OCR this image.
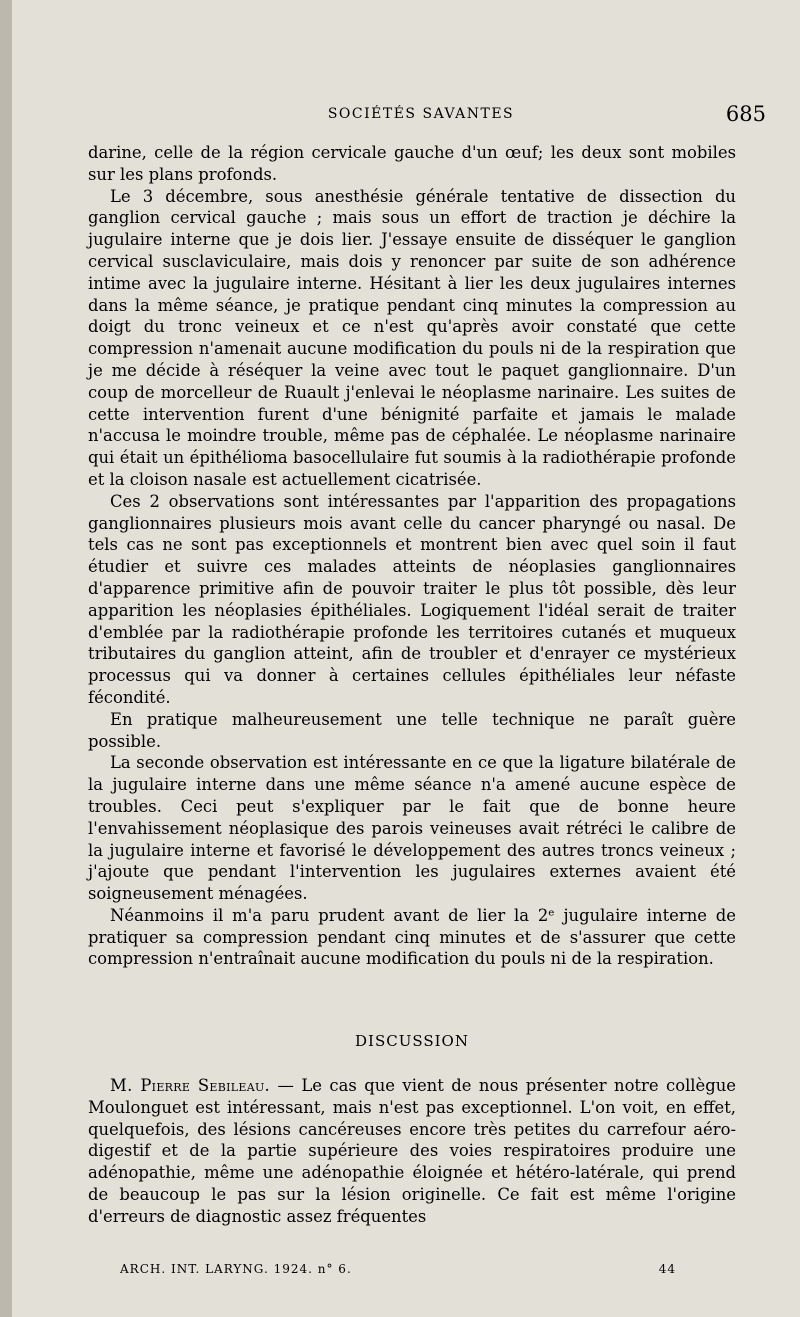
SOCIÉTÉS SAVANTES	685

darine, celle de la région cervicale gauche d'un œuf; les deux sont mobiles sur les plans profonds.

Le 3 décembre, sous anesthésie générale tentative de dissection du ganglion cervical gauche ; mais sous un effort de traction je déchire la jugulaire interne que je dois lier. J'essaye ensuite de disséquer le ganglion cervical susclaviculaire, mais dois y renoncer par suite de son adhérence intime avec la jugulaire interne. Hésitant à lier les deux jugulaires internes dans la même séance, je pratique pendant cinq minutes la compression au doigt du tronc veineux et ce n'est qu'après avoir constaté que cette compression n'amenait aucune modification du pouls ni de la respiration que je me décide à réséquer la veine avec tout le paquet ganglionnaire. D'un coup de morcelleur de Ruault j'enlevai le néoplasme narinaire. Les suites de cette intervention furent d'une bénignité parfaite et jamais le malade n'accusa le moindre trouble, même pas de céphalée. Le néoplasme narinaire qui était un épithélioma basocellulaire fut soumis à la radiothérapie profonde et la cloison nasale est actuellement cicatrisée.

Ces 2 observations sont intéressantes par l'apparition des propagations ganglionnaires plusieurs mois avant celle du cancer pharyngé ou nasal. De tels cas ne sont pas exceptionnels et montrent bien avec quel soin il faut étudier et suivre ces malades atteints de néoplasies ganglionnaires d'apparence primitive afin de pouvoir traiter le plus tôt possible, dès leur apparition les néoplasies épithéliales. Logiquement l'idéal serait de traiter d'emblée par la radiothérapie profonde les territoires cutanés et muqueux tributaires du ganglion atteint, afin de troubler et d'enrayer ce mystérieux processus qui va donner à certaines cellules épithéliales leur néfaste fécondité.

En pratique malheureusement une telle technique ne paraît guère possible.

La seconde observation est intéressante en ce que la ligature bilatérale de la jugulaire interne dans une même séance n'a amené aucune espèce de troubles. Ceci peut s'expliquer par le fait que de bonne heure l'envahissement néoplasique des parois veineuses avait rétréci le calibre de la jugulaire interne et favorisé le développement des autres troncs veineux ; j'ajoute que pendant l'intervention les jugulaires externes avaient été soigneusement ménagées.

Néanmoins il m'a paru prudent avant de lier la 2ᵉ jugulaire interne de pratiquer sa compression pendant cinq minutes et de s'assurer que cette compression n'entraînait aucune modification du pouls ni de la respiration.

DISCUSSION

M. Pierre Sebileau. — Le cas que vient de nous présenter notre collègue Moulonguet est intéressant, mais n'est pas exceptionnel. L'on voit, en effet, quelquefois, des lésions cancéreuses encore très petites du carrefour aéro-digestif et de la partie supérieure des voies respiratoires produire une adénopathie, même une adénopathie éloignée et hétéro-latérale, qui prend de beaucoup le pas sur la lésion originelle. Ce fait est même l'origine d'erreurs de diagnostic assez fréquentes

ARCH. INT. LARYNG. 1924. n° 6.	44
